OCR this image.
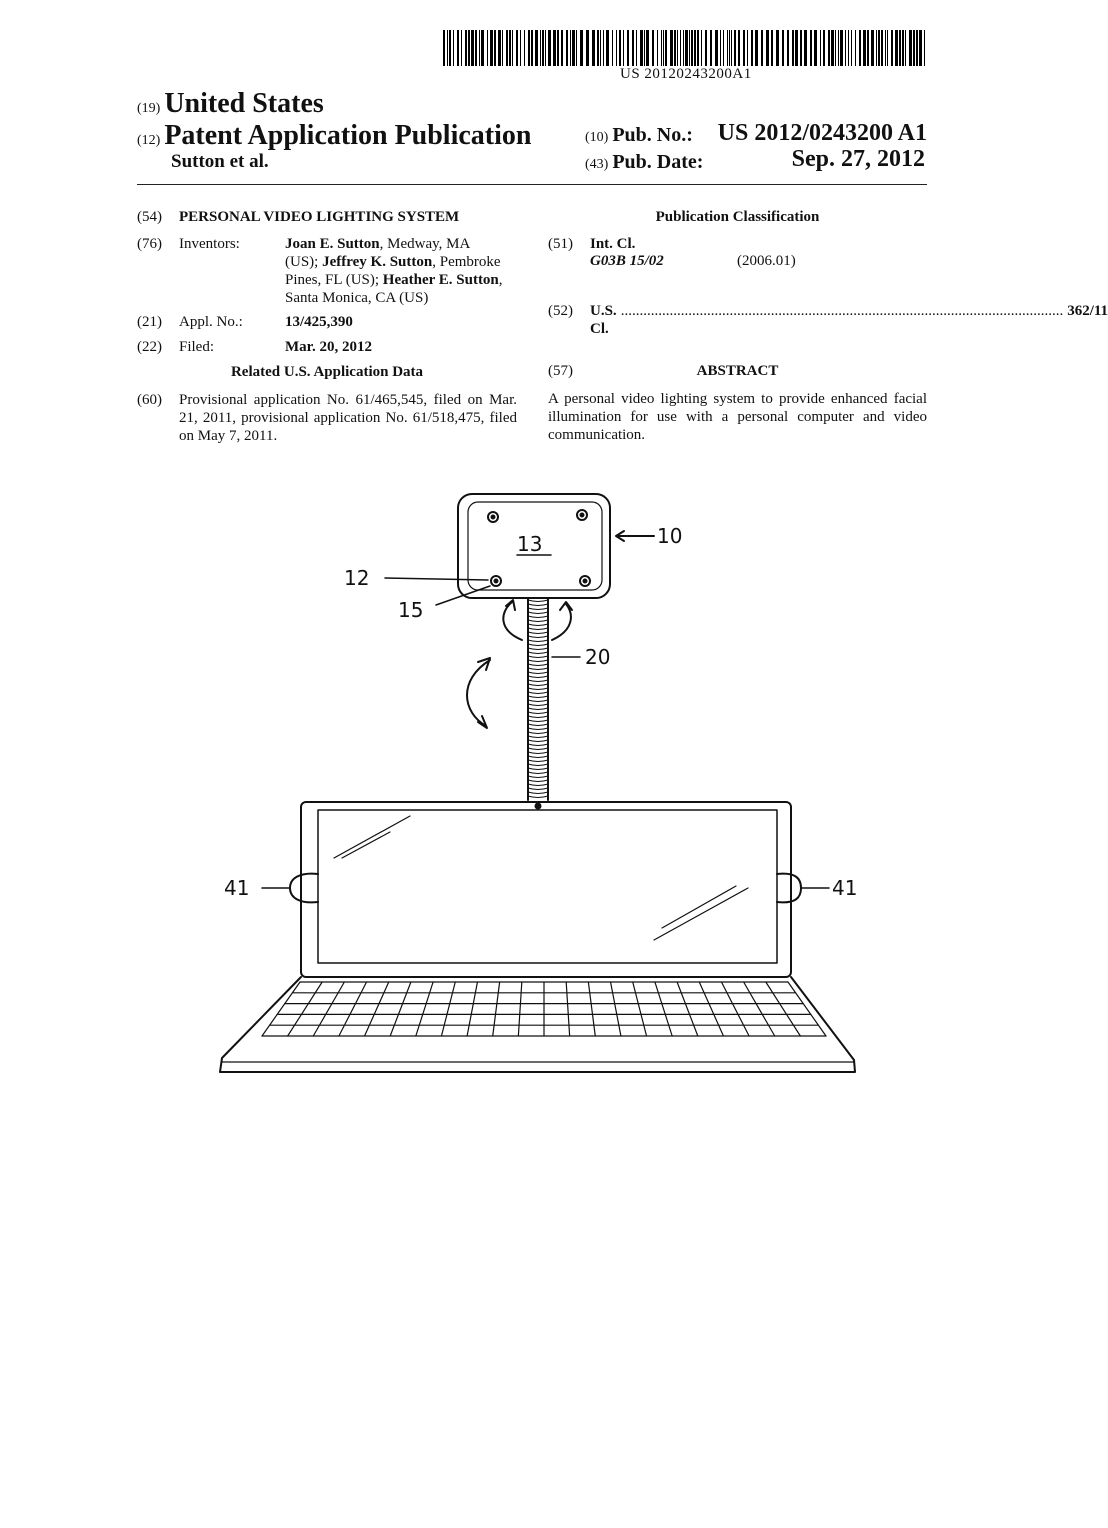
US 20120243200A1
(19) United States
(12) Patent Application Publication
Sutton et al.
(10) Pub. No.: US 2012/0243200 A1
(43) Pub. Date:	Sep. 27, 2012
(54) PERSONAL VIDEO LIGHTING SYSTEM
(76) Inventors:	Joan E. Sutton, Medway, MA
(US); Jeffrey K. Sutton, Pembroke
Pines, FL (US); Heather E. Sutton,
Santa Monica, CA (US)
(21) Appl. No.:	13/425,390
(22) Filed:	Mar. 20, 2012
Related U.S. Application Data
(60) Provisional application No. 61/465,545, filed on Mar. 21, 2011, provisional application No. 61/518,475, filed on May 7, 2011.
Publication Classification
(51) Int. Cl.
G03B 15/02	(2006.01)
(52) U.S. Cl.
...................................................................................................................... 362/11
(57)	ABSTRACT
A personal video lighting system to provide enhanced facial illumination for use with a personal computer and video communication.
13	10
12
15
20
41	41
